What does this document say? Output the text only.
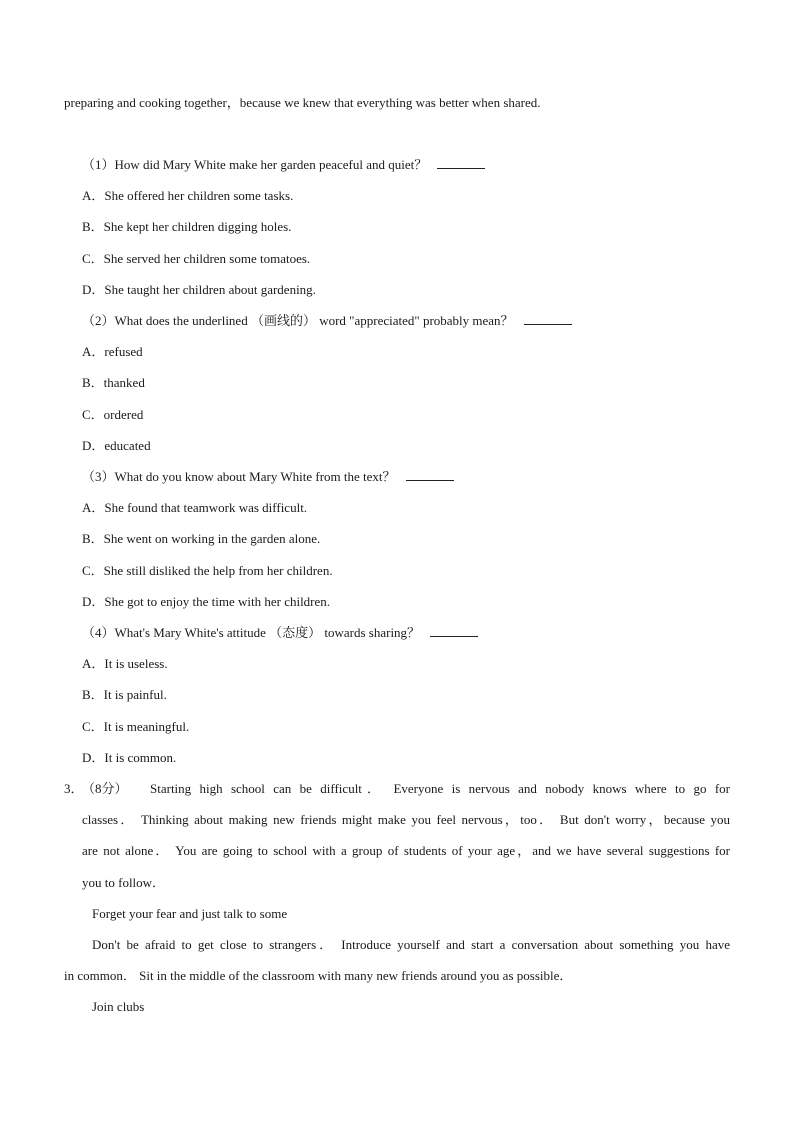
preparing and cooking together，because we knew that everything was better when shared.
（1）How did Mary White make her garden peaceful and quiet？
A．She offered her children some tasks.
B．She kept her children digging holes.
C．She served her children some tomatoes.
D．She taught her children about gardening.
（2）What does the underlined （画线的） word "appreciated" probably mean？
A．refused
B．thanked
C．ordered
D．educated
（3）What do you know about Mary White from the text？
A．She found that teamwork was difficult.
B．She went on working in the garden alone.
C．She still disliked the help from her children.
D．She got to enjoy the time with her children.
（4）What's Mary White's attitude （态度） towards sharing？
A．It is useless.
B．It is painful.
C．It is meaningful.
D．It is common.
3．
（8分） Starting high school can be difficult． Everyone is nervous and nobody knows where to go for
classes． Thinking about making new friends might make you feel nervous，too． But don't worry，because you
are not alone． You are going to school with a group of students of your age，and we have several suggestions for
you to follow．
Forget your fear and just talk to some
Don't be afraid to get close to strangers． Introduce yourself and start a conversation about something you have
in common． Sit in the middle of the classroom with many new friends around you as possible．
Join clubs
